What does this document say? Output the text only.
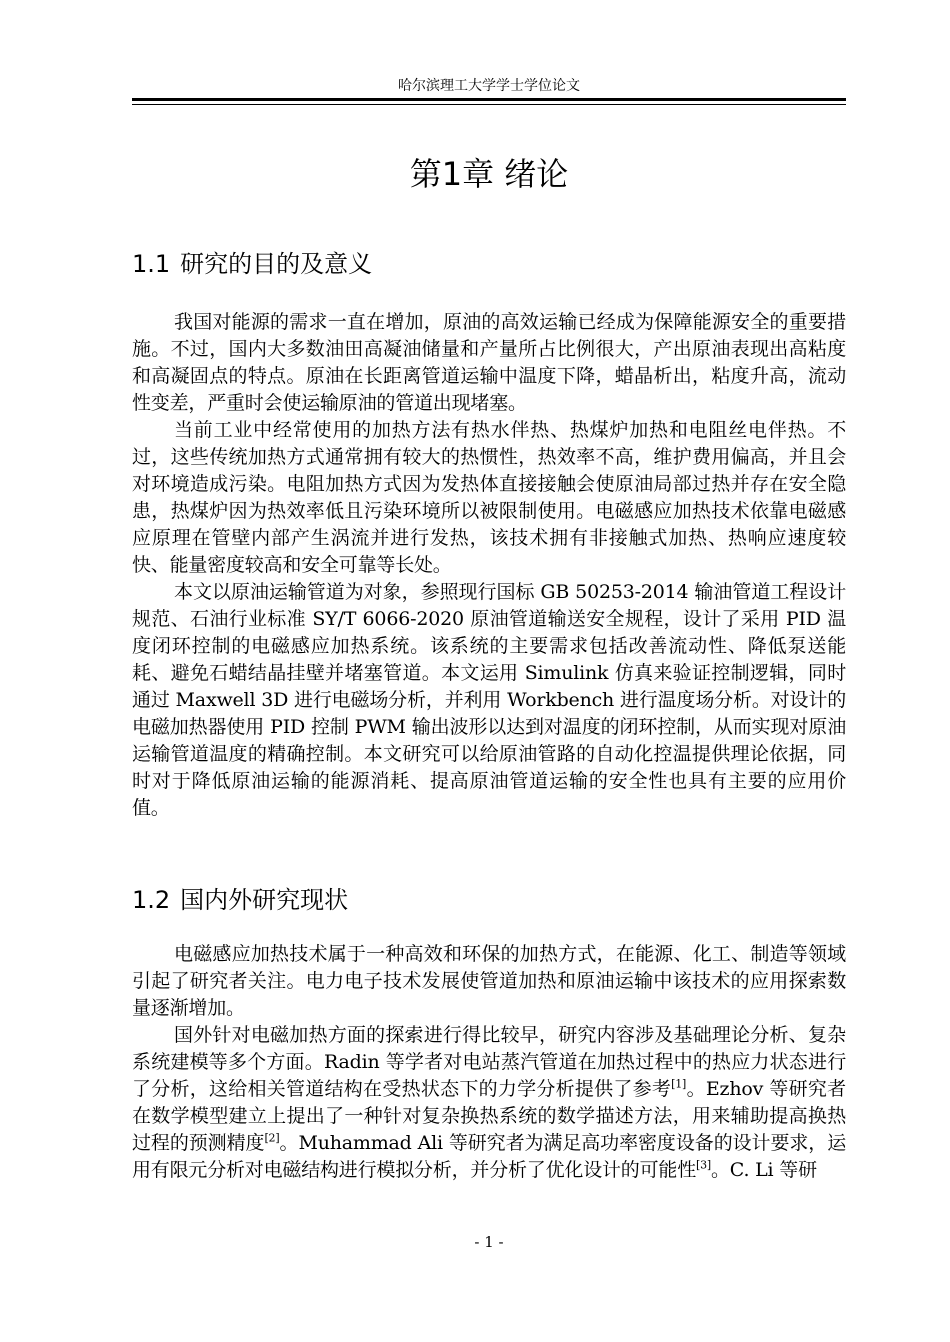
哈尔滨理工大学学士学位论文
第1章 绪论
1.1 研究的目的及意义

我国对能源的需求一直在增加，原油的高效运输已经成为保障能源安全的重要措施。不过，国内大多数油田高凝油储量和产量所占比例很大，产出原油表现出高粘度和高凝固点的特点。原油在长距离管道运输中温度下降，蜡晶析出，粘度升高，流动性变差，严重时会使运输原油的管道出现堵塞。

当前工业中经常使用的加热方法有热水伴热、热煤炉加热和电阻丝电伴热。不过，这些传统加热方式通常拥有较大的热惯性，热效率不高，维护费用偏高，并且会对环境造成污染。电阻加热方式因为发热体直接接触会使原油局部过热并存在安全隐患，热煤炉因为热效率低且污染环境所以被限制使用。电磁感应加热技术依靠电磁感应原理在管壁内部产生涡流并进行发热，该技术拥有非接触式加热、热响应速度较快、能量密度较高和安全可靠等长处。

本文以原油运输管道为对象，参照现行国标 GB 50253-2014 输油管道工程设计规范、石油行业标准 SY/T 6066-2020 原油管道输送安全规程，设计了采用 PID 温度闭环控制的电磁感应加热系统。该系统的主要需求包括改善流动性、降低泵送能耗、避免石蜡结晶挂壁并堵塞管道。本文运用 Simulink 仿真来验证控制逻辑，同时通过 Maxwell 3D 进行电磁场分析，并利用 Workbench 进行温度场分析。对设计的电磁加热器使用 PID 控制 PWM 输出波形以达到对温度的闭环控制，从而实现对原油运输管道温度的精确控制。本文研究可以给原油管路的自动化控温提供理论依据，同时对于降低原油运输的能源消耗、提高原油管道运输的安全性也具有主要的应用价值。

1.2 国内外研究现状

电磁感应加热技术属于一种高效和环保的加热方式，在能源、化工、制造等领域引起了研究者关注。电力电子技术发展使管道加热和原油运输中该技术的应用探索数量逐渐增加。

国外针对电磁加热方面的探索进行得比较早，研究内容涉及基础理论分析、复杂系统建模等多个方面。Radin 等学者对电站蒸汽管道在加热过程中的热应力状态进行了分析，这给相关管道结构在受热状态下的力学分析提供了参考[1]。Ezhov 等研究者在数学模型建立上提出了一种针对复杂换热系统的数学描述方法，用来辅助提高换热过程的预测精度[2]。Muhammad Ali 等研究者为满足高功率密度设备的设计要求，运用有限元分析对电磁结构进行模拟分析，并分析了优化设计的可能性[3]。C. Li 等研

- 1 -
